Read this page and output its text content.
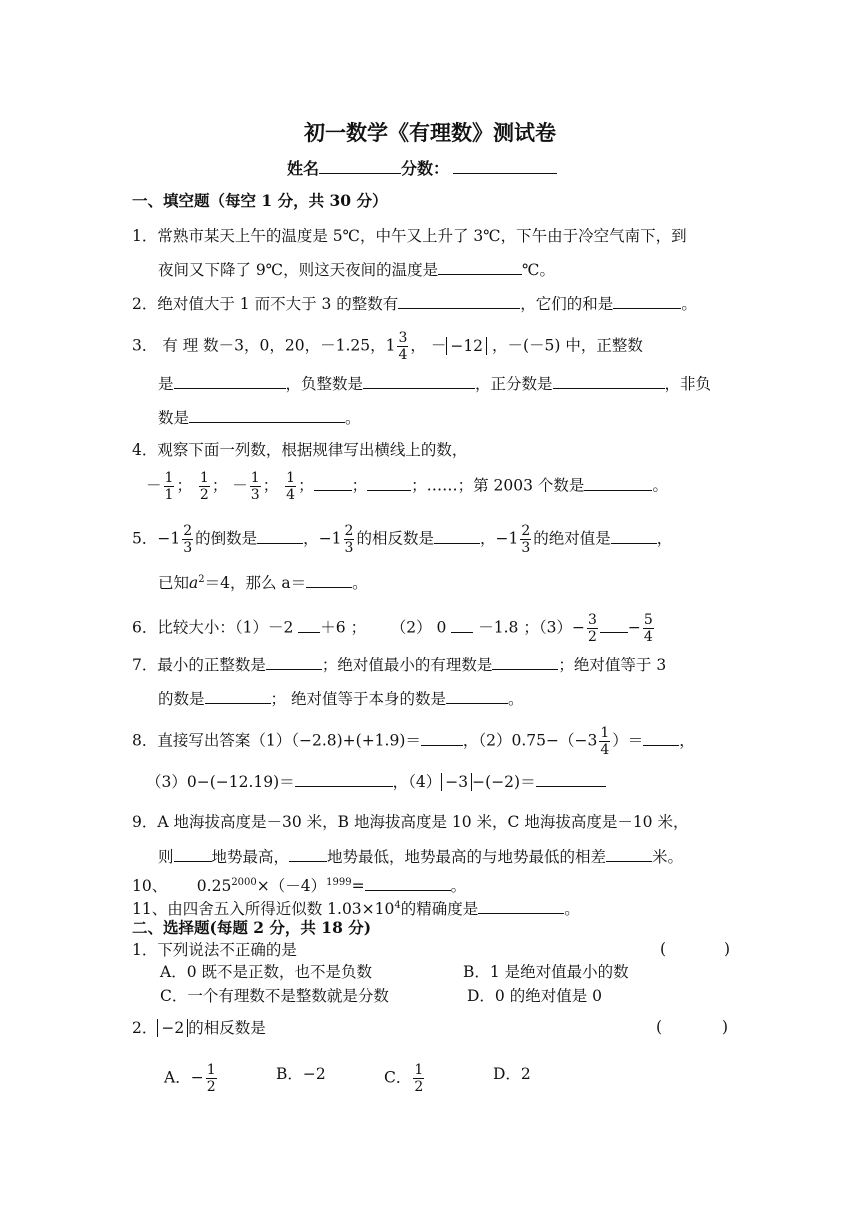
初一数学《有理数》测试卷
姓名	分数：
一、填空题（每空 1 分，共 30 分）
1．常熟市某天上午的温度是 5℃，中午又上升了 3℃，下午由于冷空气南下，到
夜间又下降了 9℃，则这天夜间的温度是	℃。
2．绝对值大于 1 而不大于 3 的整数有	，它们的和是	。
3． 有 理 数－3，0，20，－1.25，$1 \frac{3}{4}$ ， － −12 ，－(－5) 中，正整数
是	，负整数是	，正分数是	，非负
数是	。
4．观察下面一列数，根据规律写出横线上的数，
－ $\frac{1}{1}$ ； $\frac{1}{2}$ ； － $\frac{1}{3}$ ； $\frac{1}{4}$ ； ；	；……；第 2003 个数是	。
5．$-1 \frac{2}{3}$ 的倒数是	，$-1 \frac{2}{3}$ 的相反数是	，$-1 \frac{2}{3}$ 的绝对值是	，
已知$a^2=4$，那么 a＝	。
6．比较大小：（1）－2 ＋6 ； （2） 0 －1.8 ；$(3)- \frac{3}{2} - \frac{5}{4}$
7．最小的正整数是	；绝对值最小的有理数是	；绝对值等于 3
的数是	； 绝对值等于本身的数是	。
8．直接写出答案（1）（−2.8)+(+1.9)＝	，$(2)0.75-(-3 \frac{1}{4}$ ）＝ ，
（3）0−(−12.19)＝	，（4） −3 −(−2)＝
9．A 地海拔高度是－30 米，B 地海拔高度是 10 米，C 地海拔高度是－10 米，
则 地势最高， 地势最低，地势最高的与地势最低的相差	米。
10、 $0.25^{2000}\times(-4)^{1999}=$	。
11、由四舍五入所得近似数 $1.03\times 10^4$的精确度是	。
二、选择题(每题 2 分，共 18 分)
1．下列说法不正确的是	(	)
A．0 既不是正数，也不是负数	B．1 是绝对值最小的数
C．一个有理数不是整数就是分数	D．0 的绝对值是 0
2． −2 的相反数是	(	)
A．− $\frac{1}{2}$	B．−2	C． $\frac{1}{2}$	D．2
